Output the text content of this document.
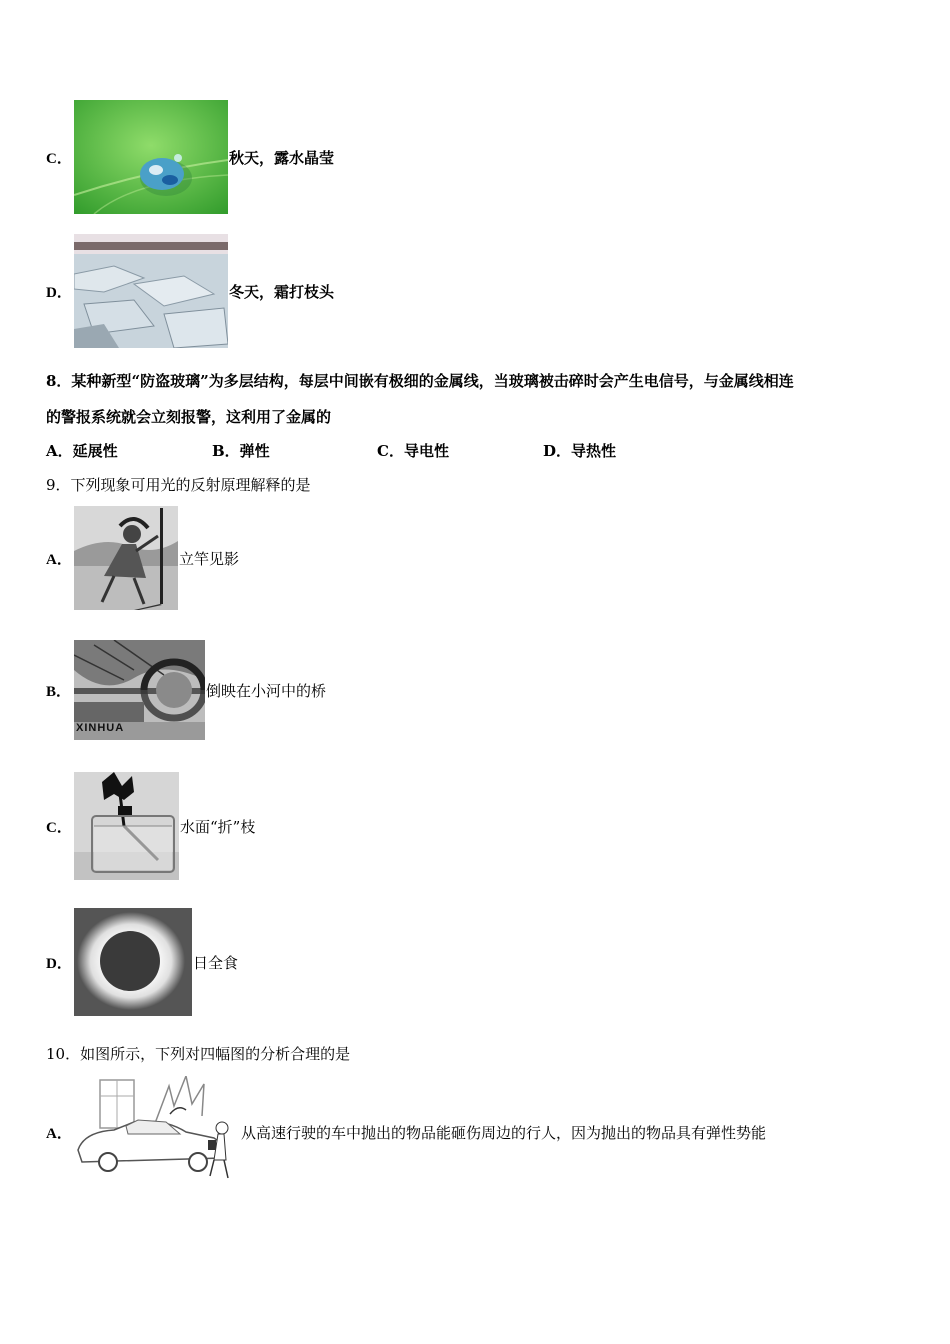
C．	秋天，露水晶莹
D．	冬天，霜打枝头
8．某种新型“防盗玻璃”为多层结构，每层中间嵌有极细的金属线，当玻璃被击碎时会产生电信号，与金属线相连
的警报系统就会立刻报警，这利用了金属的
A．延展性	B．弹性	C．导电性	D．导热性
9．下列现象可用光的反射原理解释的是
A．	立竿见影
B．
XINHUA
倒映在小河中的桥
C．	水面“折”枝
D．	日全食
10．如图所示，下列对四幅图的分析合理的是
A．	从高速行驶的车中抛出的物品能砸伤周边的行人，因为抛出的物品具有弹性势能
